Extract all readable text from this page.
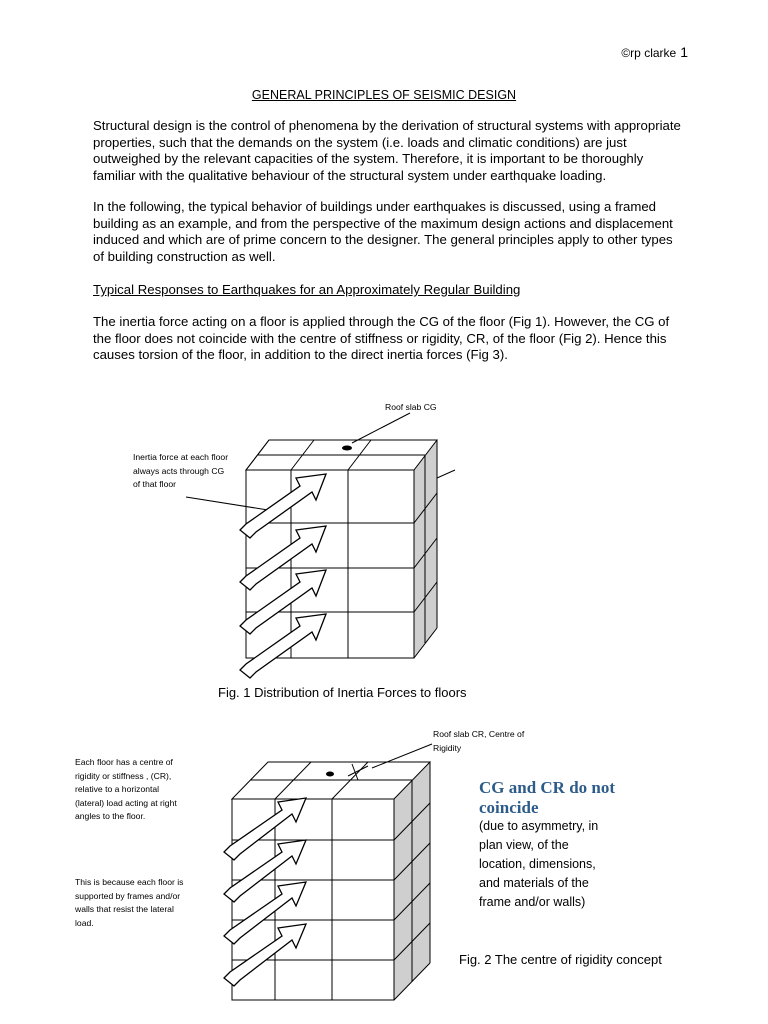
©rp clarke 1
GENERAL PRINCIPLES OF SEISMIC DESIGN

Structural design is the control of phenomena by the derivation of structural systems with appropriate properties, such that the demands on the system (i.e. loads and climatic conditions) are just outweighed by the relevant capacities of the system. Therefore, it is important to be thoroughly familiar with the qualitative behaviour of the structural system under earthquake loading.

In the following, the typical behavior of buildings under earthquakes is discussed, using a framed building as an example, and from the perspective of the maximum design actions and displacement induced and which are of prime concern to the designer. The general principles apply to other types of building construction as well.

Typical Responses to Earthquakes for an Approximately Regular Building

The inertia force acting on a floor is applied through the CG of the floor (Fig 1). However, the CG of the floor does not coincide with the centre of stiffness or rigidity, CR, of the floor (Fig 2). Hence this causes torsion of the floor, in addition to the direct inertia forces (Fig 3).

Roof slab CG
Inertia force at each floor always acts through CG of that floor
Fig. 1 Distribution of Inertia Forces to floors
Roof slab CR, Centre of Rigidity
Each floor has a centre of rigidity or stiffness , (CR), relative to a horizontal (lateral) load acting at right angles to the floor.
This is because each floor is supported by frames and/or walls that resist the lateral load.
CG and CR do not coincide
(due to asymmetry, in plan view, of the location, dimensions, and materials of the frame and/or walls)
Fig. 2 The centre of rigidity concept
